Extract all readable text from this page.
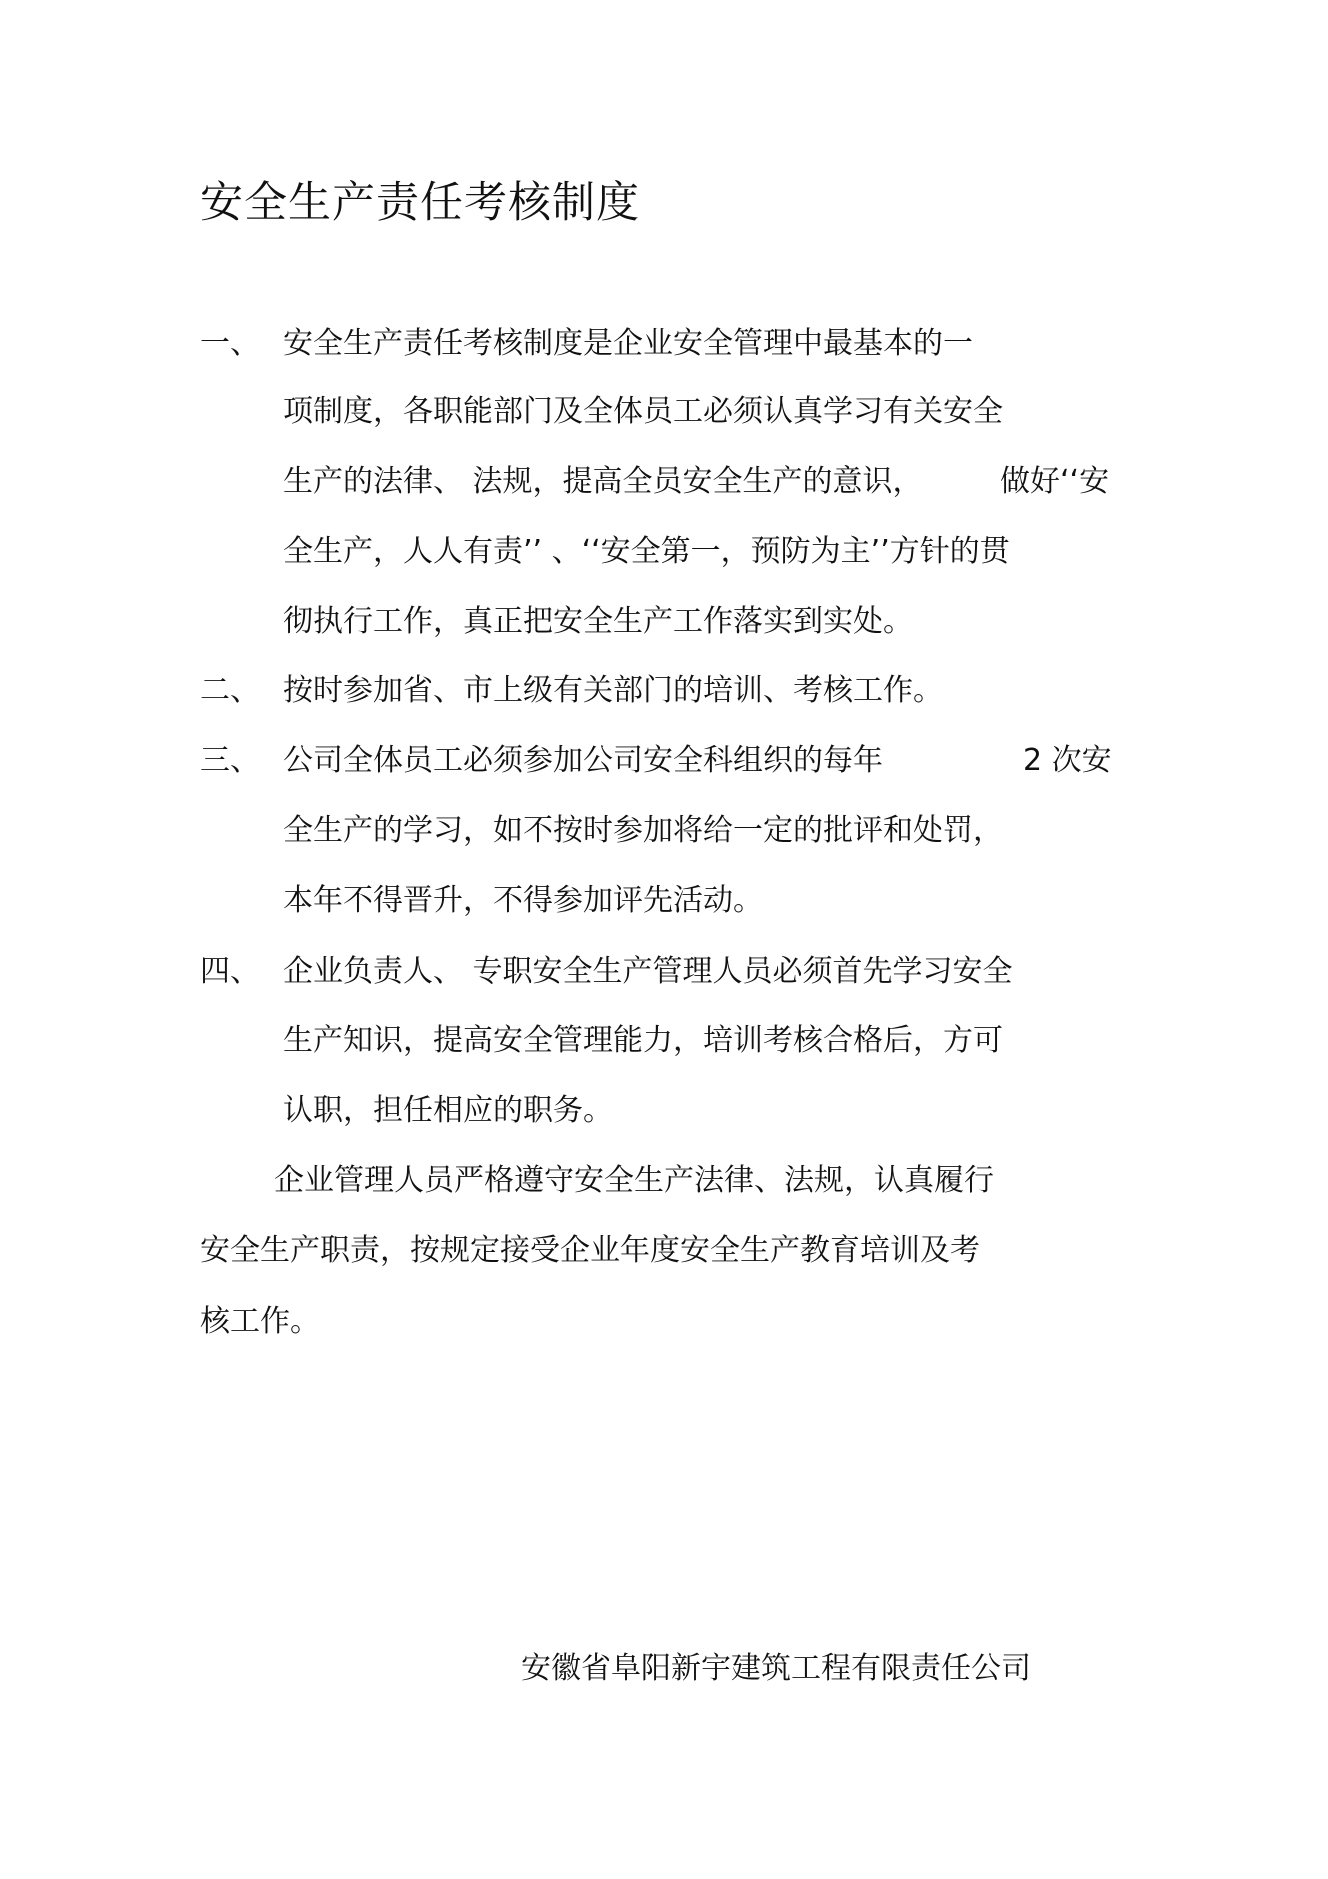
安全生产责任考核制度
一、 安全生产责任考核制度是企业安全管理中最基本的一
项制度，各职能部门及全体员工必须认真学习有关安全
生产的法律、 法规，提高全员安全生产的意识，	做好‘‘安
全生产，人人有责’’ 、‘‘安全第一，预防为主’’方针的贯
彻执行工作，真正把安全生产工作落实到实处。
二、 按时参加省、市上级有关部门的培训、考核工作。
三、 公司全体员工必须参加公司安全科组织的每年	2 次安
全生产的学习，如不按时参加将给一定的批评和处罚，
本年不得晋升，不得参加评先活动。
四、 企业负责人、 专职安全生产管理人员必须首先学习安全
生产知识，提高安全管理能力，培训考核合格后，方可
认职，担任相应的职务。
企业管理人员严格遵守安全生产法律、法规，认真履行
安全生产职责，按规定接受企业年度安全生产教育培训及考
核工作。
安徽省阜阳新宇建筑工程有限责任公司
